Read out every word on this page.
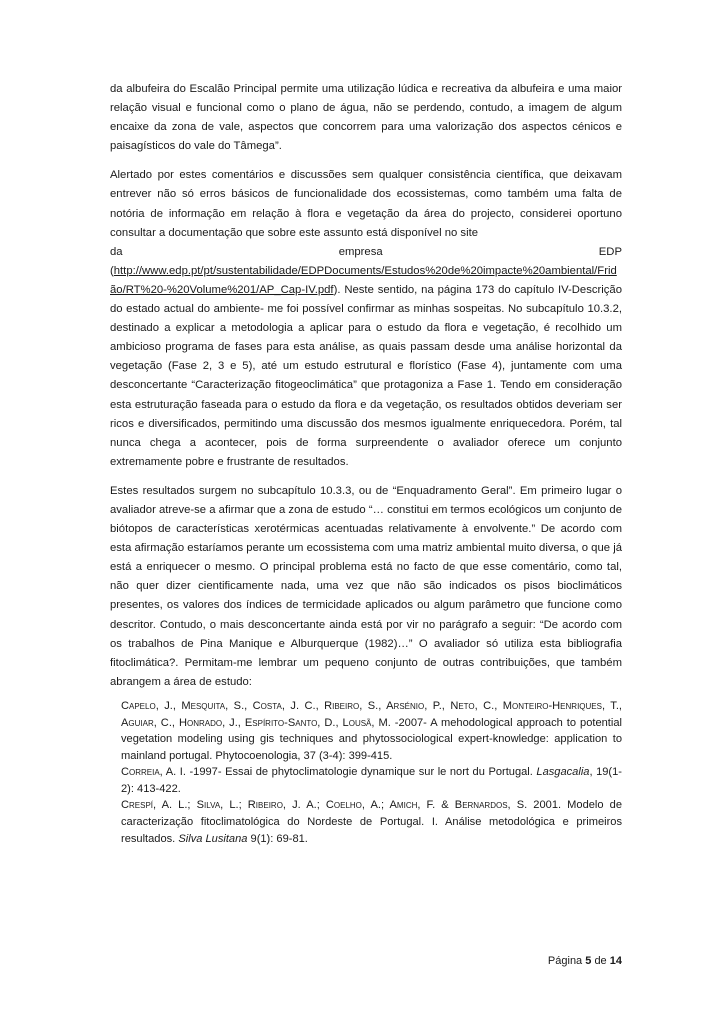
da albufeira do Escalão Principal permite uma utilização lúdica e recreativa da albufeira e uma maior relação visual e funcional como o plano de água, não se perdendo, contudo, a imagem de algum encaixe da zona de vale, aspectos que concorrem para uma valorização dos aspectos cénicos e paisagísticos do vale do Tâmega”.

Alertado por estes comentários e discussões sem qualquer consistência científica, que deixavam entrever não só erros básicos de funcionalidade dos ecossistemas, como também uma falta de notória de informação em relação à flora e vegetação da área do projecto, considerei oportuno consultar a documentação que sobre este assunto está disponível no site
da	empresa	EDP
(http://www.edp.pt/pt/sustentabilidade/EDPDocuments/Estudos%20de%20impacte%20ambiental/Fridão/RT%20-%20Volume%201/AP_Cap-IV.pdf). Neste sentido, na página 173 do capítulo IV-Descrição do estado actual do ambiente- me foi possível confirmar as minhas sospeitas. No subcapítulo 10.3.2, destinado a explicar a metodologia a aplicar para o estudo da flora e vegetação, é recolhido um ambicioso programa de fases para esta análise, as quais passam desde uma análise horizontal da vegetação (Fase 2, 3 e 5), até um estudo estrutural e florístico (Fase 4), juntamente com uma desconcertante “Caracterização fitogeoclimática” que protagoniza a Fase 1. Tendo em consideração esta estruturação faseada para o estudo da flora e da vegetação, os resultados obtidos deveriam ser ricos e diversificados, permitindo uma discussão dos mesmos igualmente enriquecedora. Porém, tal nunca chega a acontecer, pois de forma surpreendente o avaliador oferece um conjunto extremamente pobre e frustrante de resultados.

Estes resultados surgem no subcapítulo 10.3.3, ou de “Enquadramento Geral”. Em primeiro lugar o avaliador atreve-se a afirmar que a zona de estudo “… constitui em termos ecológicos um conjunto de biótopos de características xerotérmicas acentuadas relativamente à envolvente.” De acordo com esta afirmação estaríamos perante um ecossistema com uma matriz ambiental muito diversa, o que já está a enriquecer o mesmo. O principal problema está no facto de que esse comentário, como tal, não quer dizer cientificamente nada, uma vez que não são indicados os pisos bioclimáticos presentes, os valores dos índices de termicidade aplicados ou algum parâmetro que funcione como descritor. Contudo, o mais desconcertante ainda está por vir no parágrafo a seguir: “De acordo com os trabalhos de Pina Manique e Alburquerque (1982)…” O avaliador só utiliza esta bibliografia fitoclimática?. Permitam-me lembrar um pequeno conjunto de outras contribuições, que também abrangem a área de estudo:

Capelo, J., Mesquita, S., Costa, J. C., Ribeiro, S., Arsénio, P., Neto, C., Monteiro-Henriques, T., Aguiar, C., Honrado, J., Espírito-Santo, D., Lousã, M. -2007- A mehodological approach to potential vegetation modeling using gis techniques and phytossociological expert-knowledge: application to mainland portugal. Phytocoenologia, 37 (3-4): 399-415.

Correia, A. I. -1997- Essai de phytoclimatologie dynamique sur le nort du Portugal. Lasgacalia, 19(1-2): 413-422.

Crespí, A. L.; Silva, L.; Ribeiro, J. A.; Coelho, A.; Amich, F. & Bernardos, S. 2001. Modelo de caracterização fitoclimatológica do Nordeste de Portugal. I. Análise metodológica e primeiros resultados. Silva Lusitana 9(1): 69-81.

Página 5 de 14
